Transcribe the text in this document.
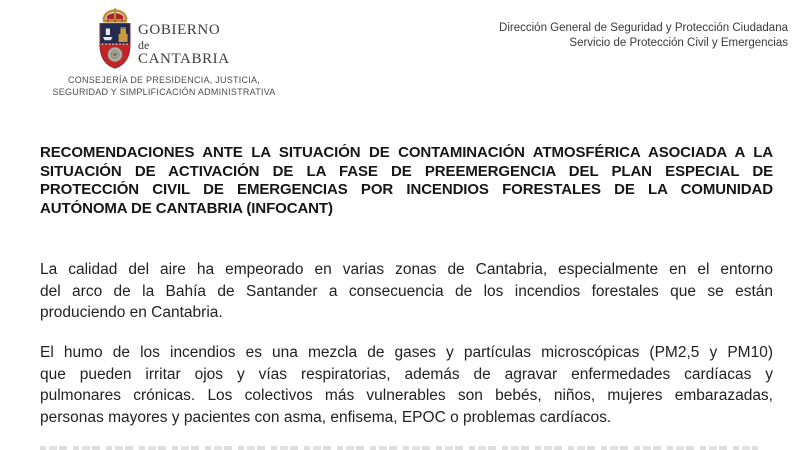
GOBIERNO
de
CANTABRIA
CONSEJERÍA DE PRESIDENCIA, JUSTICIA,
SEGURIDAD Y SIMPLIFICACIÓN ADMINISTRATIVA
Dirección General de Seguridad y Protección Ciudadana
Servicio de Protección Civil y Emergencias
RECOMENDACIONES ANTE LA SITUACIÓN DE CONTAMINACIÓN ATMOSFÉRICA ASOCIADA A LA
SITUACIÓN DE ACTIVACIÓN DE LA FASE DE PREEMERGENCIA DEL PLAN ESPECIAL DE
PROTECCIÓN CIVIL DE EMERGENCIAS POR INCENDIOS FORESTALES DE LA COMUNIDAD
AUTÓNOMA DE CANTABRIA (INFOCANT)
La calidad del aire ha empeorado en varias zonas de Cantabria, especialmente en el entorno
del arco de la Bahía de Santander a consecuencia de los incendios forestales que se están
produciendo en Cantabria.
El humo de los incendios es una mezcla de gases y partículas microscópicas (PM2,5 y PM10)
que pueden irritar ojos y vías respiratorias, además de agravar enfermedades cardíacas y
pulmonares crónicas. Los colectivos más vulnerables son bebés, niños, mujeres embarazadas,
personas mayores y pacientes con asma, enfisema, EPOC o problemas cardíacos.
